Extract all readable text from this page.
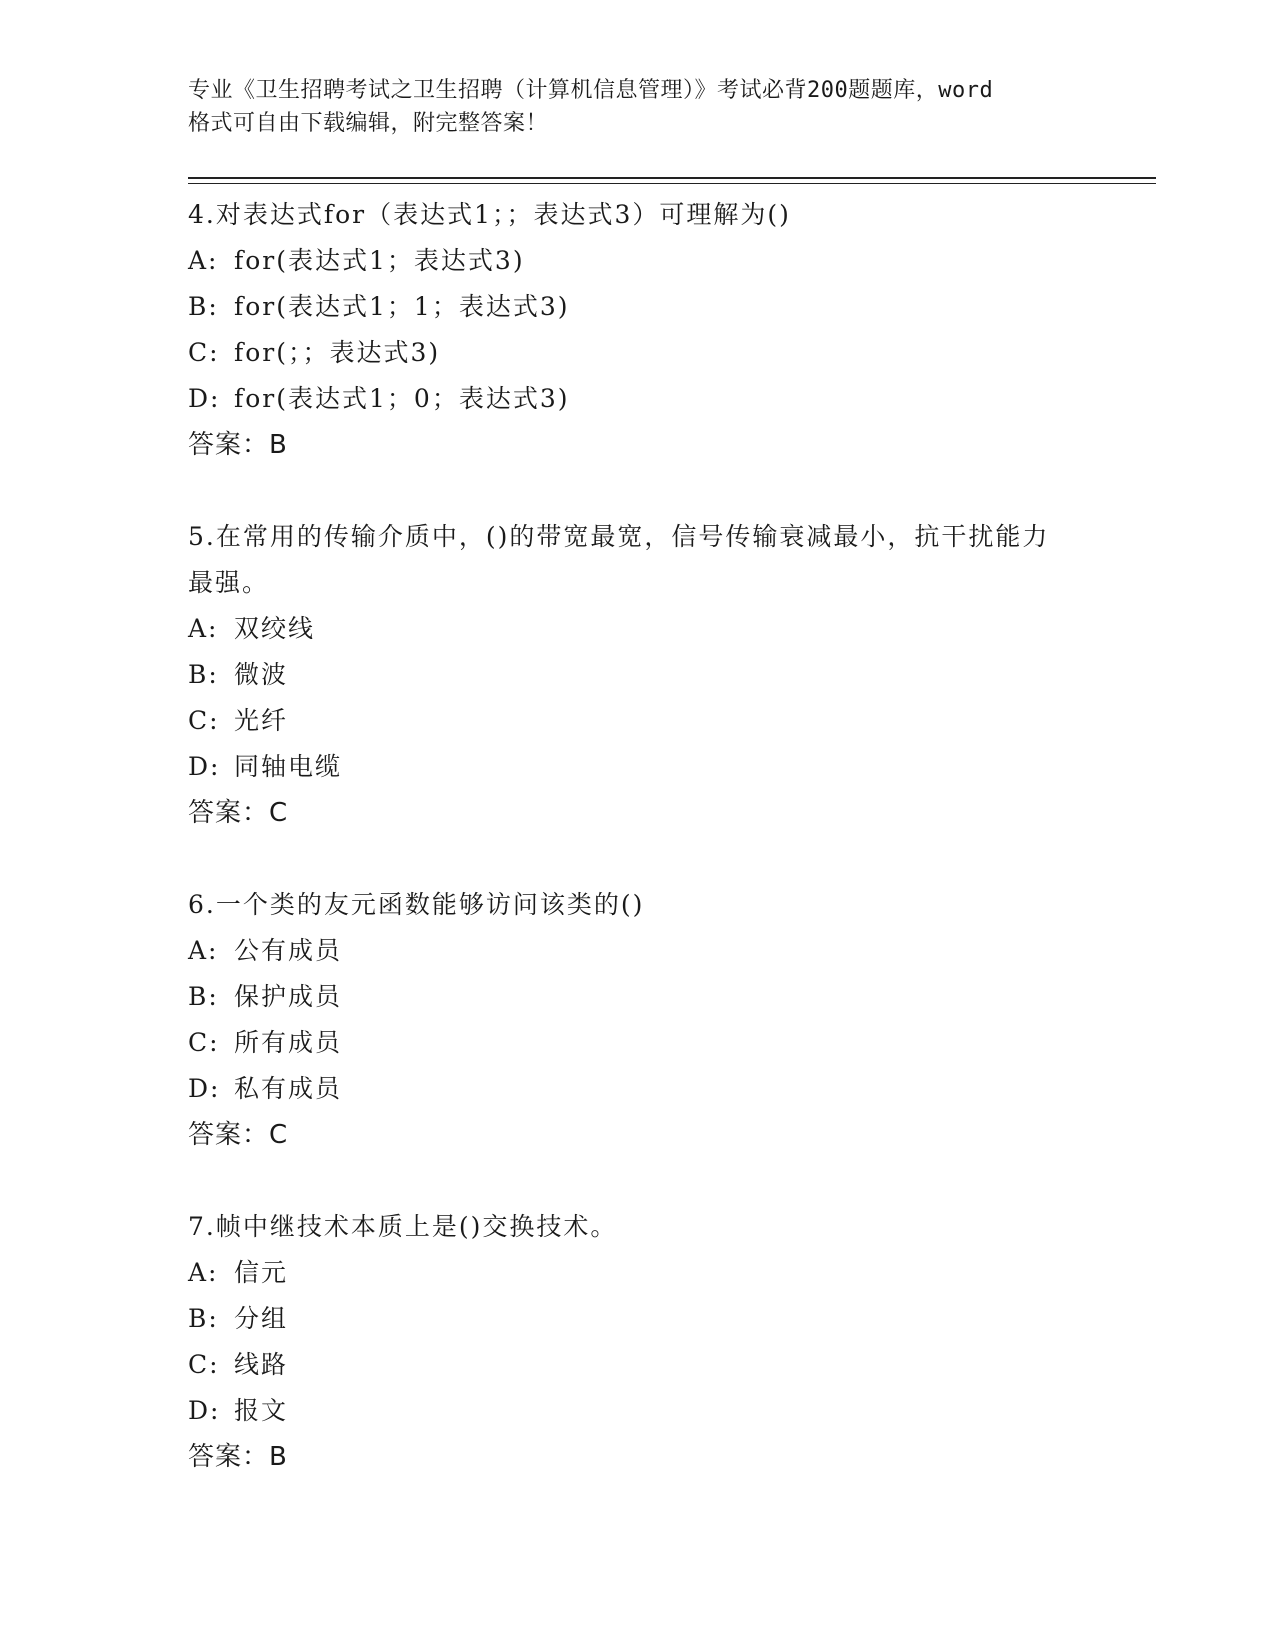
专业《卫生招聘考试之卫生招聘（计算机信息管理）》考试必背200题题库，word
格式可自由下载编辑，附完整答案！
4.对表达式for（表达式1；；表达式3）可理解为()
A: for(表达式1；表达式3)
B: for(表达式1；1；表达式3)
C: for(；；表达式3)
D: for(表达式1；0；表达式3)
答案：B
5.在常用的传输介质中，()的带宽最宽，信号传输衰减最小，抗干扰能力最强。
A: 双绞线
B: 微波
C: 光纤
D: 同轴电缆
答案：C
6.一个类的友元函数能够访问该类的()
A: 公有成员
B: 保护成员
C: 所有成员
D: 私有成员
答案：C
7.帧中继技术本质上是()交换技术。
A: 信元
B: 分组
C: 线路
D: 报文
答案：B
